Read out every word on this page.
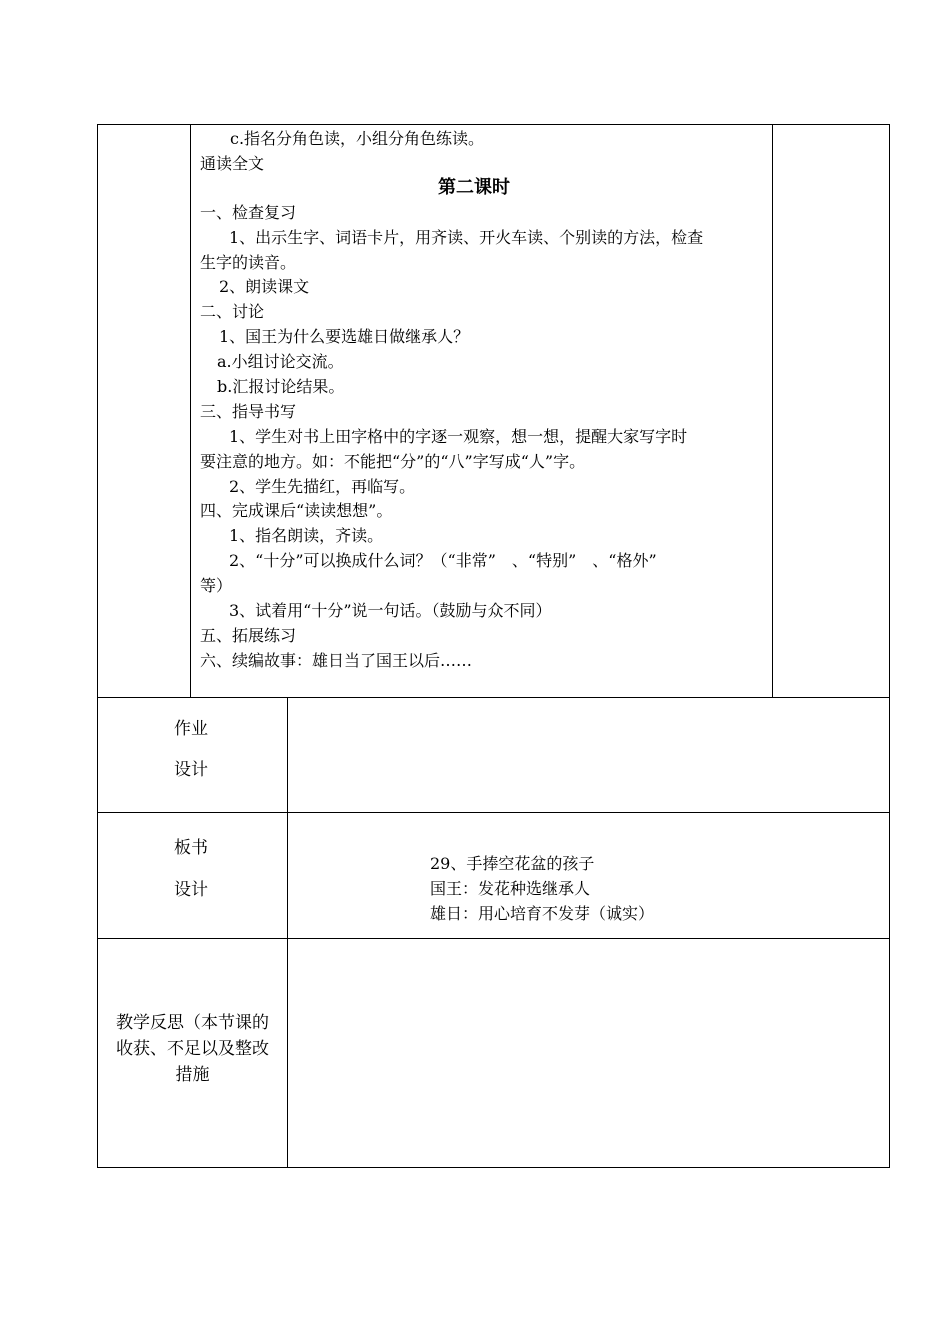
c.指名分角色读，小组分角色练读。
通读全文
第二课时
一、检查复习
1、出示生字、词语卡片，用齐读、开火车读、个别读的方法，检查
生字的读音。
2、朗读课文
二、讨论
1、国王为什么要选雄日做继承人？
a.小组讨论交流。
b.汇报讨论结果。
三、指导书写
1、学生对书上田字格中的字逐一观察，想一想，提醒大家写字时
要注意的地方。如：不能把“分”的“八”字写成“人”字。
2、学生先描红，再临写。
四、完成课后“读读想想”。
1、指名朗读，齐读。
2、“十分”可以换成什么词？（“非常”　、“特别”　、“格外”
等）
3、试着用“十分”说一句话。（鼓励与众不同）
五、拓展练习
六、续编故事：雄日当了国王以后……
作业
设计
板书
设计
29、手捧空花盆的孩子
国王：发花种选继承人
雄日：用心培育不发芽（诚实）
教学反思（本节课的
收获、不足以及整改
措施
